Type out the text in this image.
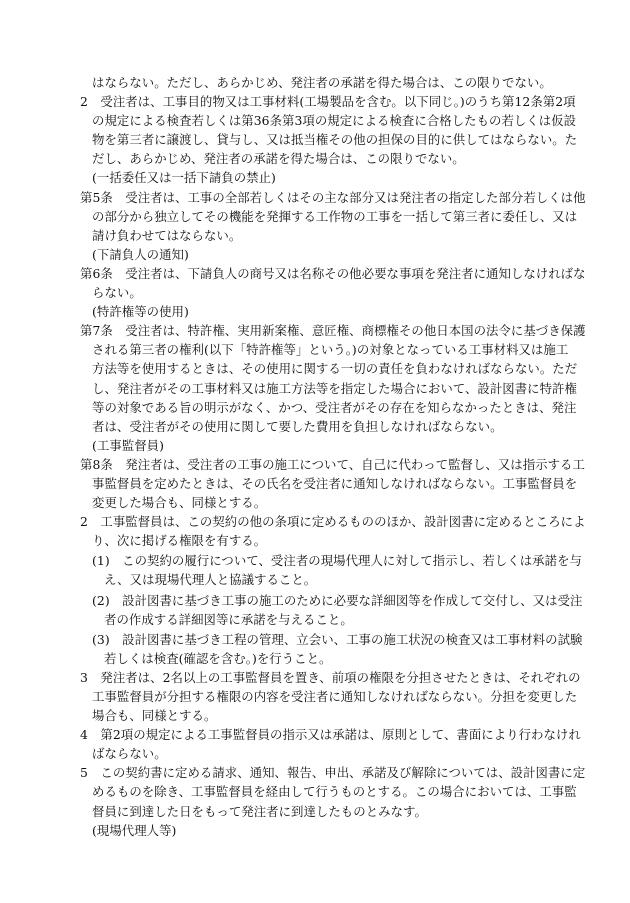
はならない。ただし、あらかじめ、発注者の承諾を得た場合は、この限りでない。
2　受注者は、工事目的物又は工事材料(工場製品を含む。以下同じ。)のうち第12条第2項
の規定による検査若しくは第36条第3項の規定による検査に合格したもの若しくは仮設
物を第三者に譲渡し、貸与し、又は抵当権その他の担保の目的に供してはならない。た
だし、あらかじめ、発注者の承諾を得た場合は、この限りでない。
(一括委任又は一括下請負の禁止)
第5条　受注者は、工事の全部若しくはその主な部分又は発注者の指定した部分若しくは他
の部分から独立してその機能を発揮する工作物の工事を一括して第三者に委任し、又は
請け負わせてはならない。
(下請負人の通知)
第6条　受注者は、下請負人の商号又は名称その他必要な事項を発注者に通知しなければな
らない。
(特許権等の使用)
第7条　受注者は、特許権、実用新案権、意匠権、商標権その他日本国の法令に基づき保護
される第三者の権利(以下「特許権等」という。)の対象となっている工事材料又は施工
方法等を使用するときは、その使用に関する一切の責任を負わなければならない。ただ
し、発注者がその工事材料又は施工方法等を指定した場合において、設計図書に特許権
等の対象である旨の明示がなく、かつ、受注者がその存在を知らなかったときは、発注
者は、受注者がその使用に関して要した費用を負担しなければならない。
(工事監督員)
第8条　発注者は、受注者の工事の施工について、自己に代わって監督し、又は指示する工
事監督員を定めたときは、その氏名を受注者に通知しなければならない。工事監督員を
変更した場合も、同様とする。
2　工事監督員は、この契約の他の条項に定めるもののほか、設計図書に定めるところによ
り、次に掲げる権限を有する。
(1)　この契約の履行について、受注者の現場代理人に対して指示し、若しくは承諾を与
え、又は現場代理人と協議すること。
(2)　設計図書に基づき工事の施工のために必要な詳細図等を作成して交付し、又は受注
者の作成する詳細図等に承諾を与えること。
(3)　設計図書に基づき工程の管理、立会い、工事の施工状況の検査又は工事材料の試験
若しくは検査(確認を含む。)を行うこと。
3　発注者は、2名以上の工事監督員を置き、前項の権限を分担させたときは、それぞれの
工事監督員が分担する権限の内容を受注者に通知しなければならない。分担を変更した
場合も、同様とする。
4　第2項の規定による工事監督員の指示又は承諾は、原則として、書面により行わなけれ
ばならない。
5　この契約書に定める請求、通知、報告、申出、承諾及び解除については、設計図書に定
めるものを除き、工事監督員を経由して行うものとする。この場合においては、工事監
督員に到達した日をもって発注者に到達したものとみなす。
(現場代理人等)
